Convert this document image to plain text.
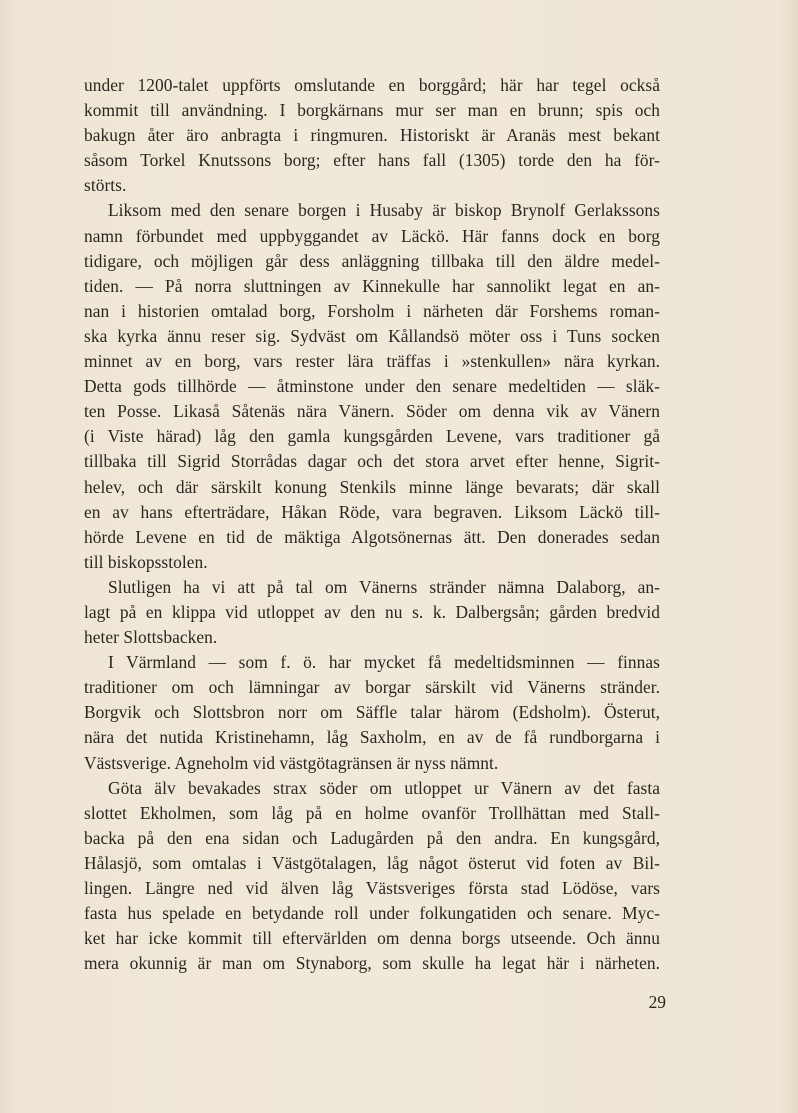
under 1200-talet uppförts omslutande en borggård; här har tegel också
kommit till användning. I borgkärnans mur ser man en brunn; spis och
bakugn åter äro anbragta i ringmuren. Historiskt är Aranäs mest bekant
såsom Torkel Knutssons borg; efter hans fall (1305) torde den ha för-
störts.
Liksom med den senare borgen i Husaby är biskop Brynolf Gerlakssons
namn förbundet med uppbyggandet av Läckö. Här fanns dock en borg
tidigare, och möjligen går dess anläggning tillbaka till den äldre medel-
tiden. — På norra sluttningen av Kinnekulle har sannolikt legat en an-
nan i historien omtalad borg, Forsholm i närheten där Forshems roman-
ska kyrka ännu reser sig. Sydväst om Kållandsö möter oss i Tuns socken
minnet av en borg, vars rester lära träffas i »stenkullen» nära kyrkan.
Detta gods tillhörde — åtminstone under den senare medeltiden — släk-
ten Posse. Likaså Såtenäs nära Vänern. Söder om denna vik av Vänern
(i Viste härad) låg den gamla kungsgården Levene, vars traditioner gå
tillbaka till Sigrid Storrådas dagar och det stora arvet efter henne, Sigrit-
helev, och där särskilt konung Stenkils minne länge bevarats; där skall
en av hans efterträdare, Håkan Röde, vara begraven. Liksom Läckö till-
hörde Levene en tid de mäktiga Algotsönernas ätt. Den donerades sedan
till biskopsstolen.
Slutligen ha vi att på tal om Vänerns stränder nämna Dalaborg, an-
lagt på en klippa vid utloppet av den nu s. k. Dalbergsån; gården bredvid
heter Slottsbacken.
I Värmland — som f. ö. har mycket få medeltidsminnen — finnas
traditioner om och lämningar av borgar särskilt vid Vänerns stränder.
Borgvik och Slottsbron norr om Säffle talar härom (Edsholm). Österut,
nära det nutida Kristinehamn, låg Saxholm, en av de få rundborgarna i
Västsverige. Agneholm vid västgötagränsen är nyss nämnt.
Göta älv bevakades strax söder om utloppet ur Vänern av det fasta
slottet Ekholmen, som låg på en holme ovanför Trollhättan med Stall-
backa på den ena sidan och Ladugården på den andra. En kungsgård,
Hålasjö, som omtalas i Västgötalagen, låg något österut vid foten av Bil-
lingen. Längre ned vid älven låg Västsveriges första stad Lödöse, vars
fasta hus spelade en betydande roll under folkungatiden och senare. Myc-
ket har icke kommit till eftervärlden om denna borgs utseende. Och ännu
mera okunnig är man om Stynaborg, som skulle ha legat här i närheten.
29
